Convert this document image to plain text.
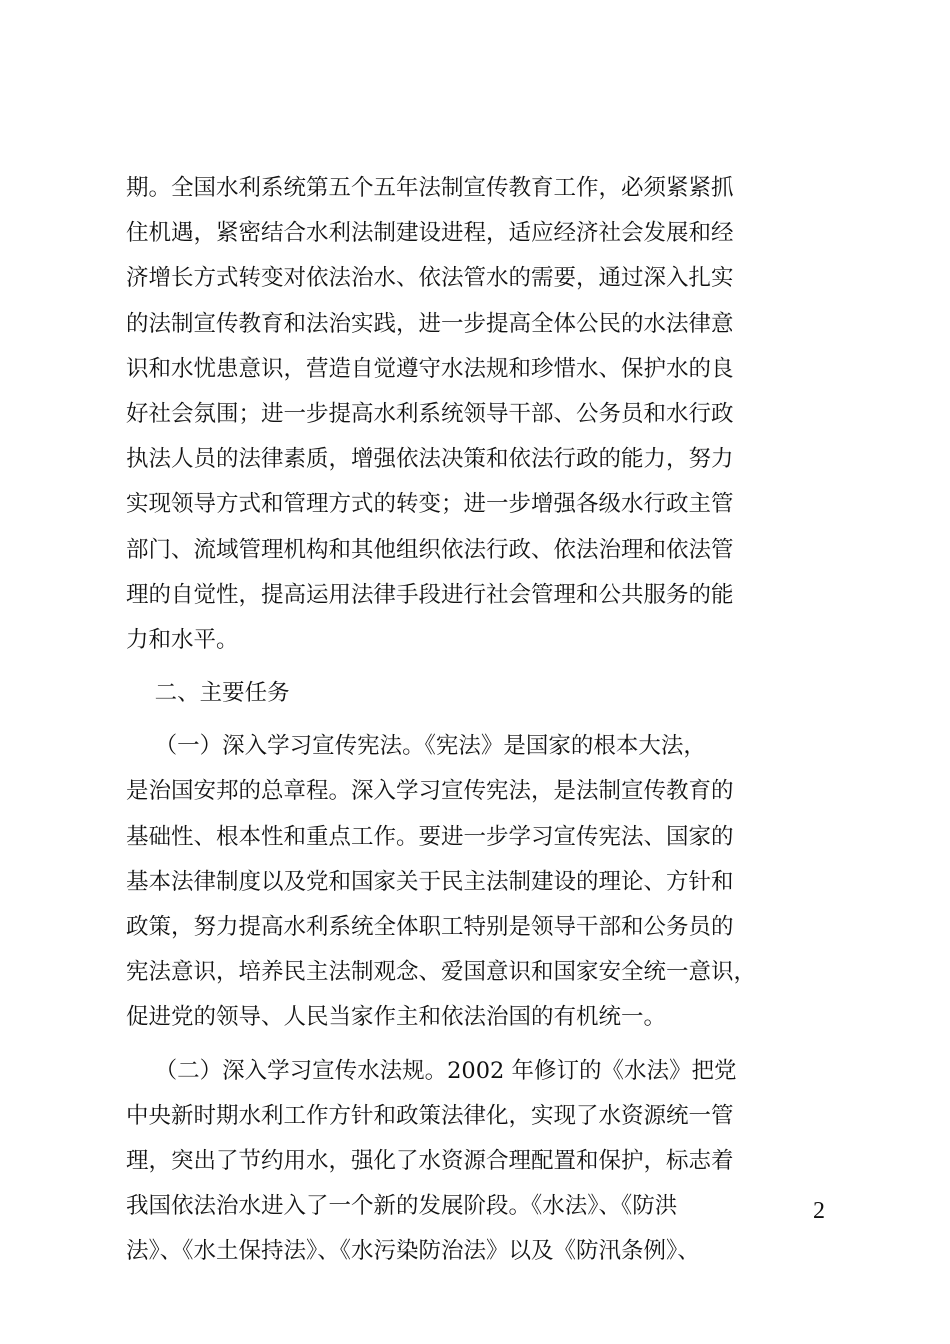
期。全国水利系统第五个五年法制宣传教育工作，必须紧紧抓
住机遇，紧密结合水利法制建设进程，适应经济社会发展和经
济增长方式转变对依法治水、依法管水的需要，通过深入扎实
的法制宣传教育和法治实践，进一步提高全体公民的水法律意
识和水忧患意识，营造自觉遵守水法规和珍惜水、保护水的良
好社会氛围；进一步提高水利系统领导干部、公务员和水行政
执法人员的法律素质，增强依法决策和依法行政的能力，努力
实现领导方式和管理方式的转变；进一步增强各级水行政主管
部门、流域管理机构和其他组织依法行政、依法治理和依法管
理的自觉性，提高运用法律手段进行社会管理和公共服务的能
力和水平。
二、主要任务
（一）深入学习宣传宪法。《宪法》是国家的根本大法，
是治国安邦的总章程。深入学习宣传宪法，是法制宣传教育的
基础性、根本性和重点工作。要进一步学习宣传宪法、国家的
基本法律制度以及党和国家关于民主法制建设的理论、方针和
政策，努力提高水利系统全体职工特别是领导干部和公务员的
宪法意识，培养民主法制观念、爱国意识和国家安全统一意识，
促进党的领导、人民当家作主和依法治国的有机统一。
（二）深入学习宣传水法规。2002 年修订的《水法》把党
中央新时期水利工作方针和政策法律化，实现了水资源统一管
理，突出了节约用水，强化了水资源合理配置和保护，标志着
我国依法治水进入了一个新的发展阶段。《水法》、《防洪
法》、《水土保持法》、《水污染防治法》以及《防汛条例》、
2
